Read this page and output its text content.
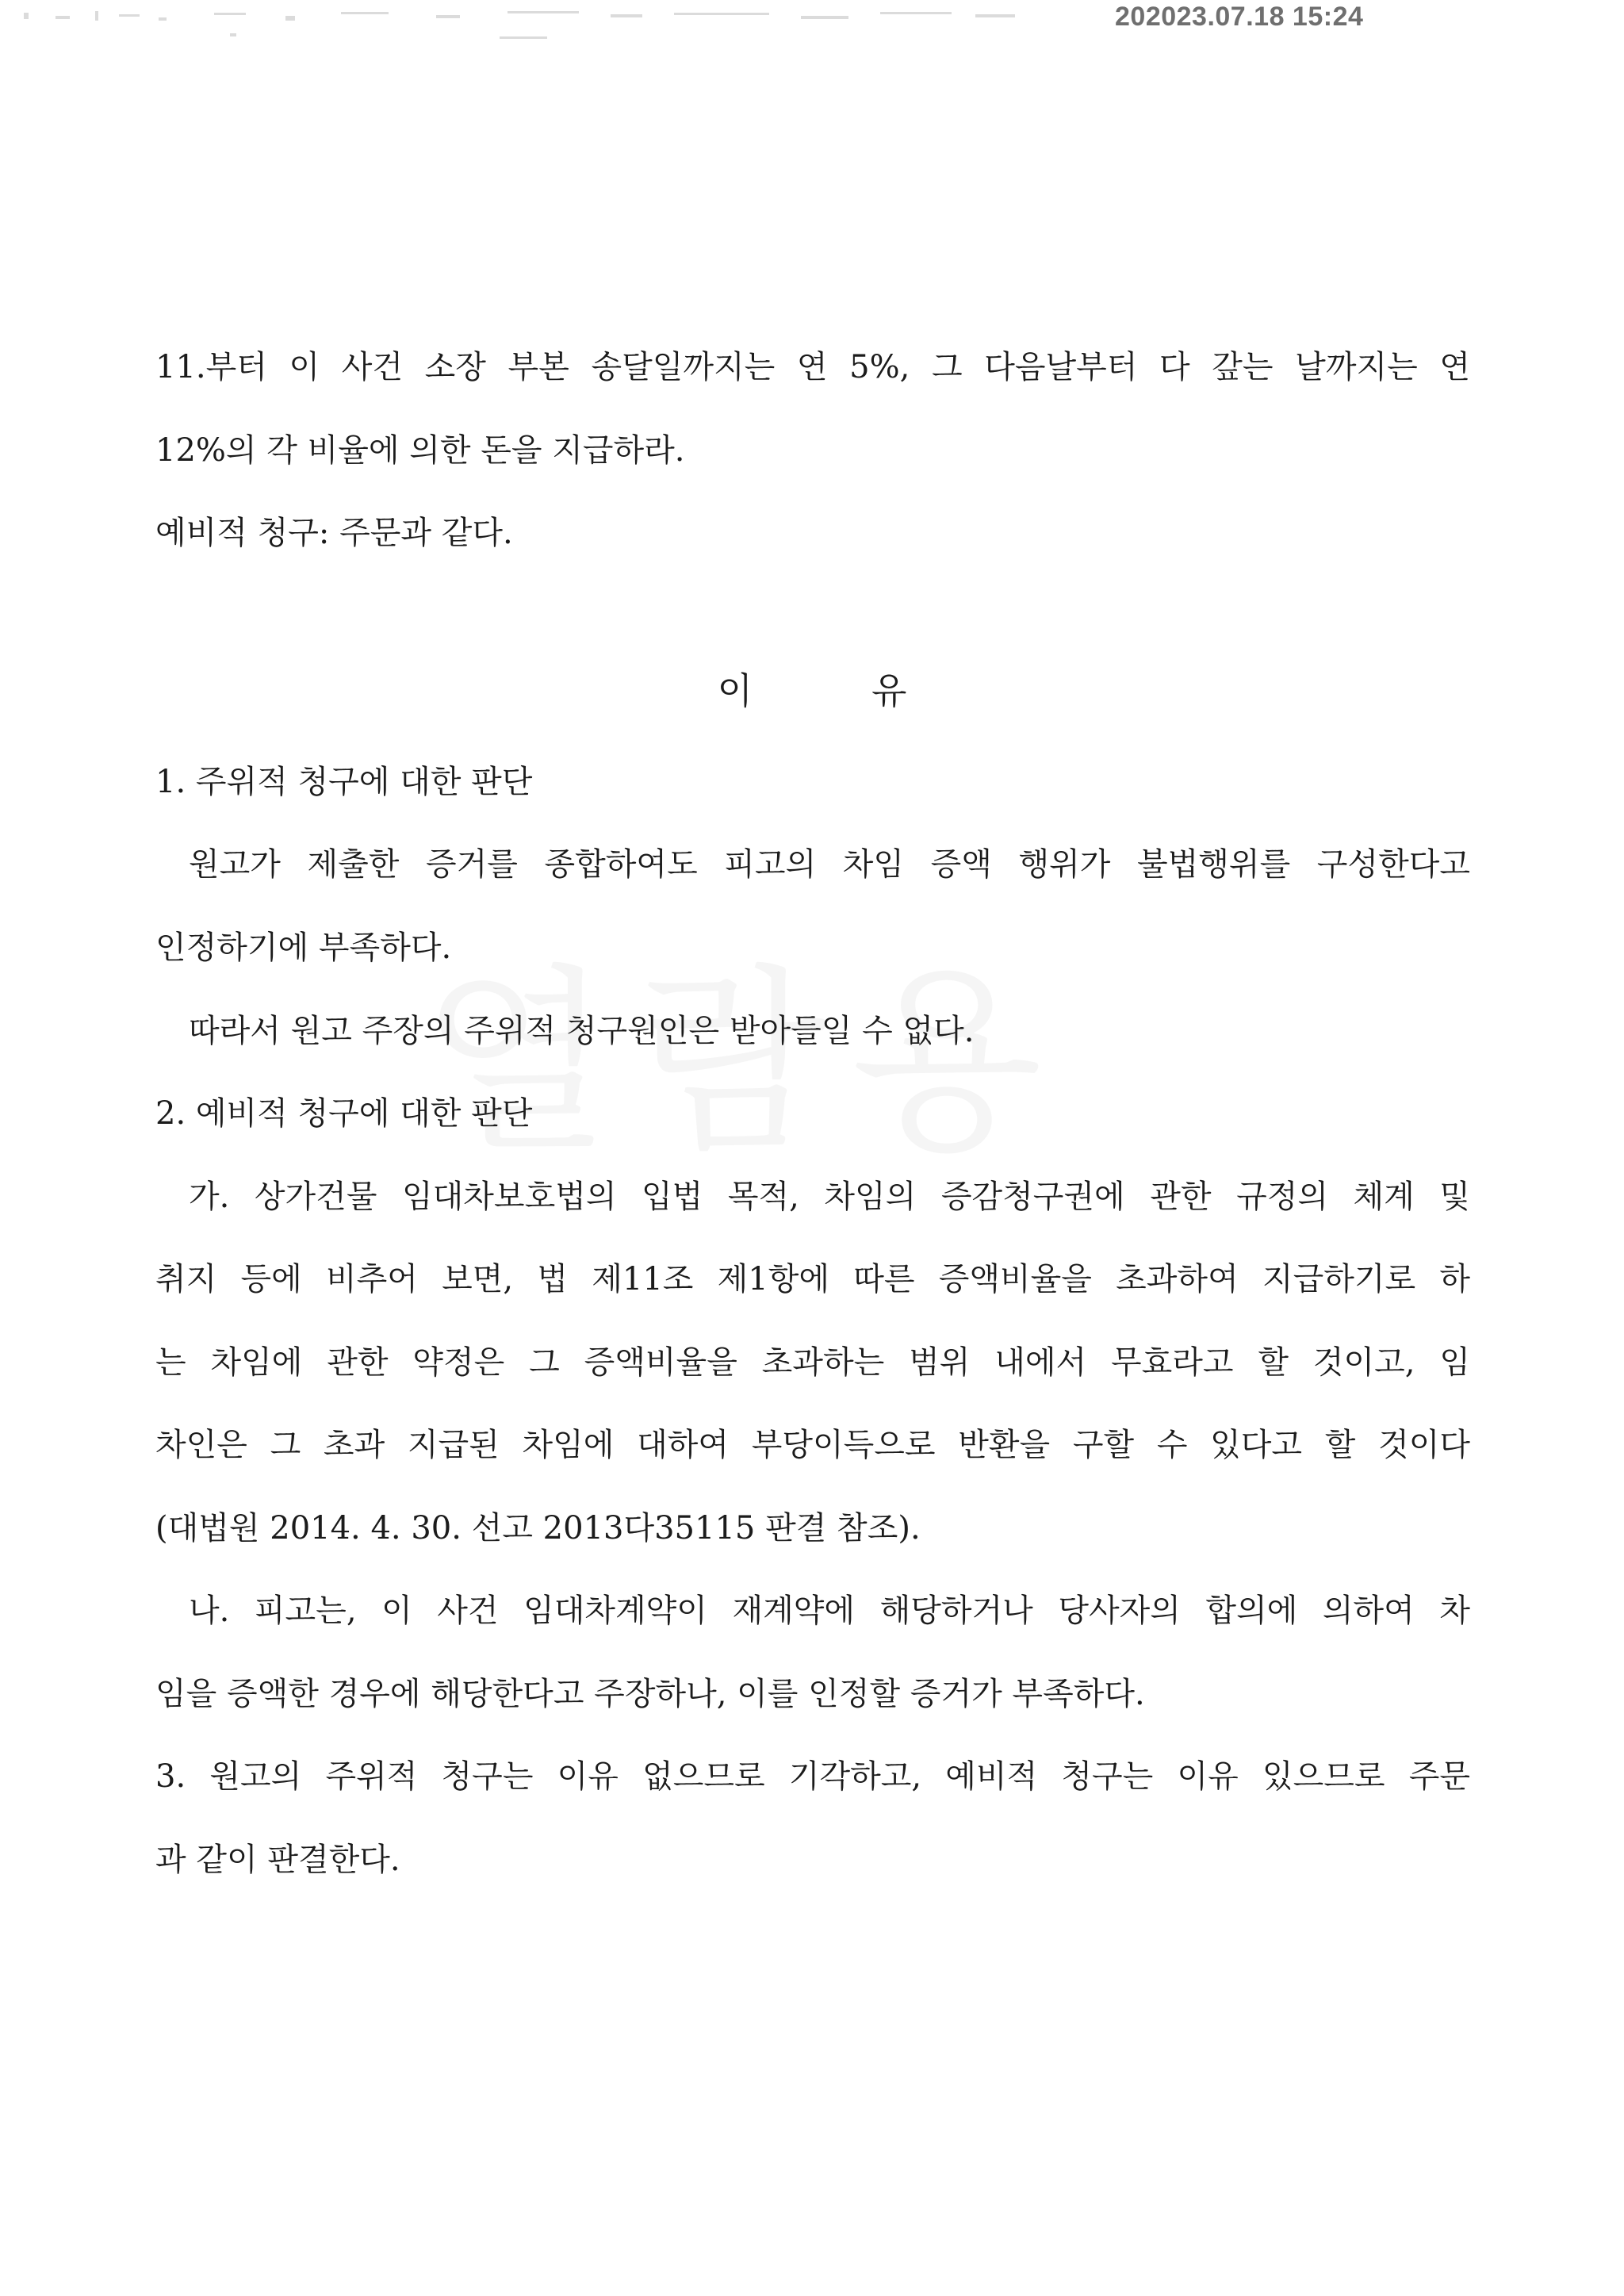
202023.07.18 15:24
11.부터 이 사건 소장 부본 송달일까지는 연 5%, 그 다음날부터 다 갚는 날까지는 연
12%의 각 비율에 의한 돈을 지급하라.
예비적 청구: 주문과 같다.
이	유
1. 주위적 청구에 대한 판단
원고가 제출한 증거를 종합하여도 피고의 차임 증액 행위가 불법행위를 구성한다고
인정하기에 부족하다.
따라서 원고 주장의 주위적 청구원인은 받아들일 수 없다.
2. 예비적 청구에 대한 판단
가. 상가건물 임대차보호법의 입법 목적, 차임의 증감청구권에 관한 규정의 체계 및
취지 등에 비추어 보면, 법 제11조 제1항에 따른 증액비율을 초과하여 지급하기로 하
는 차임에 관한 약정은 그 증액비율을 초과하는 범위 내에서 무효라고 할 것이고, 임
차인은 그 초과 지급된 차임에 대하여 부당이득으로 반환을 구할 수 있다고 할 것이다
(대법원 2014. 4. 30. 선고 2013다35115 판결 참조).
나. 피고는, 이 사건 임대차계약이 재계약에 해당하거나 당사자의 합의에 의하여 차
임을 증액한 경우에 해당한다고 주장하나, 이를 인정할 증거가 부족하다.
3. 원고의 주위적 청구는 이유 없으므로 기각하고, 예비적 청구는 이유 있으므로 주문
과 같이 판결한다.
